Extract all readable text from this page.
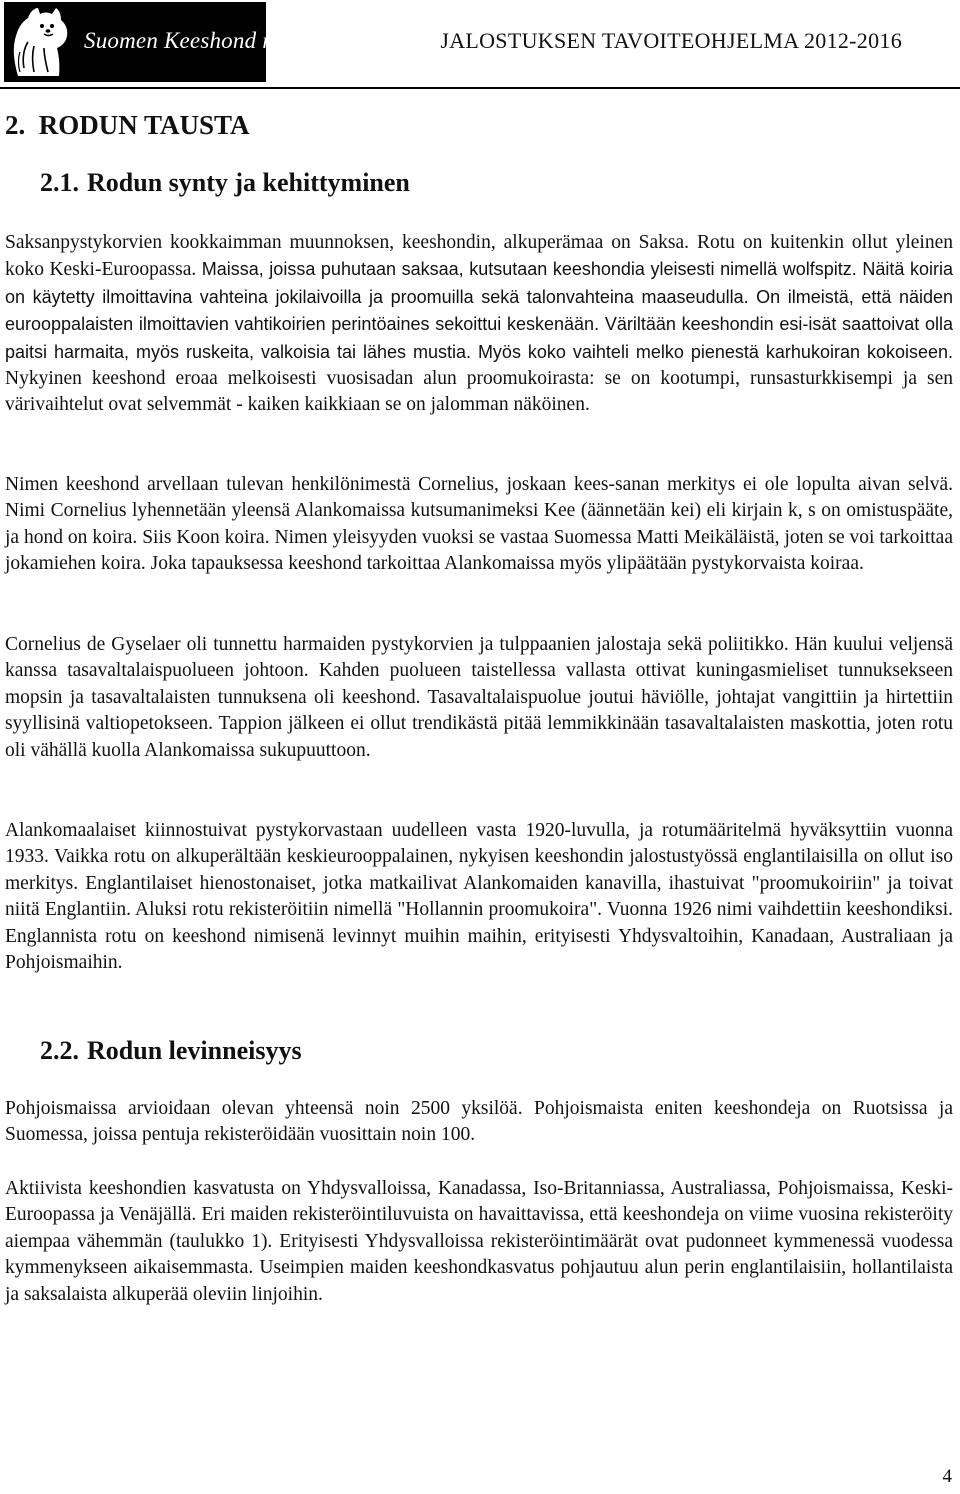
Suomen Keeshond ry	JALOSTUKSEN TAVOITEOHJELMA 2012-2016
2. RODUN TAUSTA
2.1. Rodun synty ja kehittyminen

Saksanpystykorvien kookkaimman muunnoksen, keeshondin, alkuperämaa on Saksa. Rotu on kuitenkin ollut yleinen koko Keski-Euroopassa. Maissa, joissa puhutaan saksaa, kutsutaan keeshondia yleisesti nimellä wolfspitz. Näitä koiria on käytetty ilmoittavina vahteina jokilaivoilla ja proomuilla sekä talonvahteina maaseudulla. On ilmeistä, että näiden eurooppalaisten ilmoittavien vahtikoirien perintöaines sekoittui keskenään. Väriltään keeshondin esi-isät saattoivat olla paitsi harmaita, myös ruskeita, valkoisia tai lähes mustia. Myös koko vaihteli melko pienestä karhukoiran kokoiseen. Nykyinen keeshond eroaa melkoisesti vuosisadan alun proomukoirasta: se on kootumpi, runsasturkkisempi ja sen värivaihtelut ovat selvemmät - kaiken kaikkiaan se on jalomman näköinen.

Nimen keeshond arvellaan tulevan henkilönimestä Cornelius, joskaan kees-sanan merkitys ei ole lopulta aivan selvä. Nimi Cornelius lyhennetään yleensä Alankomaissa kutsumanimeksi Kee (äännetään kei) eli kirjain k, s on omistuspääte, ja hond on koira. Siis Koon koira. Nimen yleisyyden vuoksi se vastaa Suomessa Matti Meikäläistä, joten se voi tarkoittaa jokamiehen koira. Joka tapauksessa keeshond tarkoittaa Alankomaissa myös ylipäätään pystykorvaista koiraa.

Cornelius de Gyselaer oli tunnettu harmaiden pystykorvien ja tulppaanien jalostaja sekä poliitikko. Hän kuului veljensä kanssa tasavaltalaispuolueen johtoon. Kahden puolueen taistellessa vallasta ottivat kuningasmieliset tunnuksekseen mopsin ja tasavaltalaisten tunnuksena oli keeshond. Tasavaltalaispuolue joutui häviölle, johtajat vangittiin ja hirtettiin syyllisinä valtiopetokseen. Tappion jälkeen ei ollut trendikästä pitää lemmikkinään tasavaltalaisten maskottia, joten rotu oli vähällä kuolla Alankomaissa sukupuuttoon.

Alankomaalaiset kiinnostuivat pystykorvastaan uudelleen vasta 1920-luvulla, ja rotumääritelmä hyväksyttiin vuonna 1933. Vaikka rotu on alkuperältään keskieurooppalainen, nykyisen keeshondin jalostustyössä englantilaisilla on ollut iso merkitys. Englantilaiset hienostonaiset, jotka matkailivat Alankomaiden kanavilla, ihastuivat "proomukoiriin" ja toivat niitä Englantiin. Aluksi rotu rekisteröitiin nimellä "Hollannin proomukoira". Vuonna 1926 nimi vaihdettiin keeshondiksi. Englannista rotu on keeshond nimisenä levinnyt muihin maihin, erityisesti Yhdysvaltoihin, Kanadaan, Australiaan ja Pohjoismaihin.

2.2. Rodun levinneisyys

Pohjoismaissa arvioidaan olevan yhteensä noin 2500 yksilöä. Pohjoismaista eniten keeshondeja on Ruotsissa ja Suomessa, joissa pentuja rekisteröidään vuosittain noin 100.

Aktiivista keeshondien kasvatusta on Yhdysvalloissa, Kanadassa, Iso-Britanniassa, Australiassa, Pohjoismaissa, Keski-Euroopassa ja Venäjällä. Eri maiden rekisteröintiluvuista on havaittavissa, että keeshondeja on viime vuosina rekisteröity aiempaa vähemmän (taulukko 1). Erityisesti Yhdysvalloissa rekisteröintimäärät ovat pudonneet kymmenessä vuodessa kymmenykseen aikaisemmasta. Useimpien maiden keeshondkasvatus pohjautuu alun perin englantilaisiin, hollantilaista ja saksalaista alkuperää oleviin linjoihin.

4
